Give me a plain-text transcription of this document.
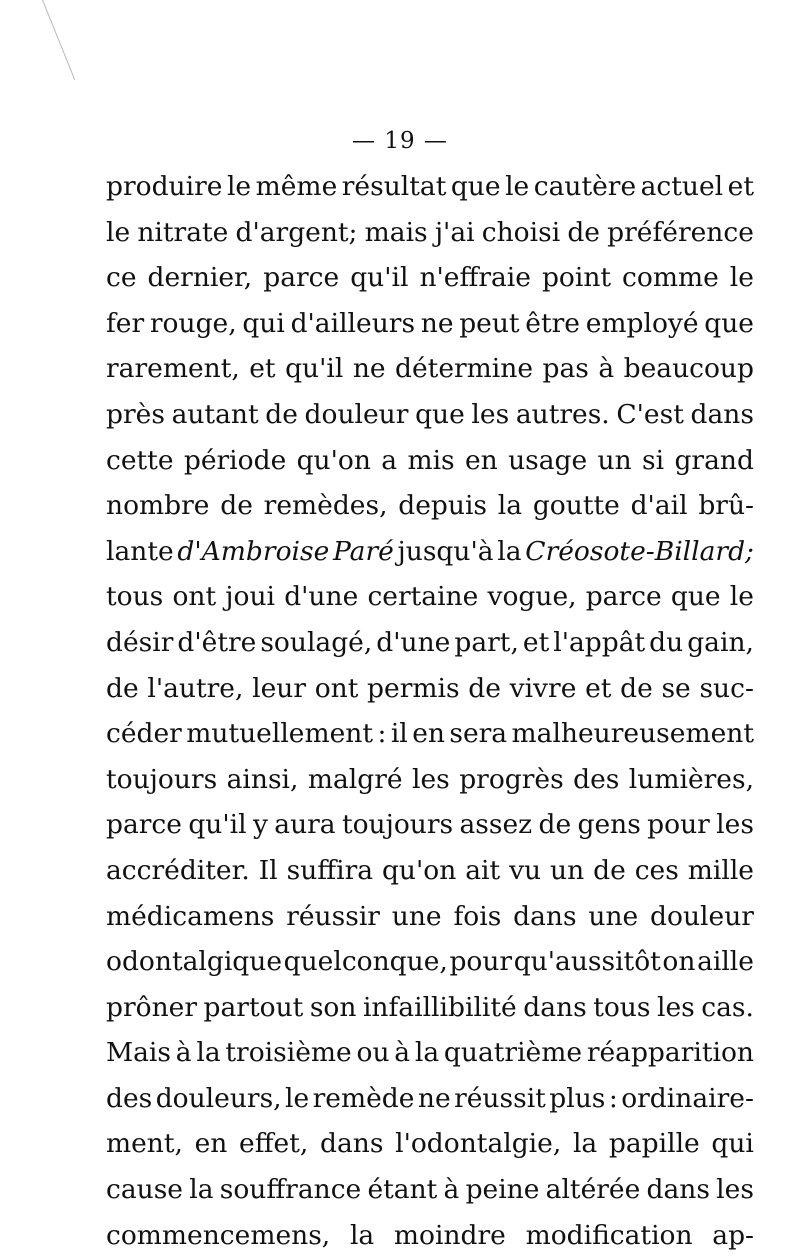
— 19 —
produire le même résultat que le cautère actuel et
le nitrate d'argent; mais j'ai choisi de préférence
ce dernier, parce qu'il n'effraie point comme le
fer rouge, qui d'ailleurs ne peut être employé que
rarement, et qu'il ne détermine pas à beaucoup
près autant de douleur que les autres. C'est dans
cette période qu'on a mis en usage un si grand
nombre de remèdes, depuis la goutte d'ail brû-
lante d'Ambroise Paré jusqu'à la Créosote-Billard;
tous ont joui d'une certaine vogue, parce que le
désir d'être soulagé, d'une part, et l'appât du gain,
de l'autre, leur ont permis de vivre et de se suc-
céder mutuellement : il en sera malheureusement
toujours ainsi, malgré les progrès des lumières,
parce qu'il y aura toujours assez de gens pour les
accréditer. Il suffira qu'on ait vu un de ces mille
médicamens réussir une fois dans une douleur
odontalgique quelconque, pour qu'aussitôt on aille
prôner partout son infaillibilité dans tous les cas.
Mais à la troisième ou à la quatrième réapparition
des douleurs, le remède ne réussit plus : ordinaire-
ment, en effet, dans l'odontalgie, la papille qui
cause la souffrance étant à peine altérée dans les
commencemens, la moindre modification ap-
